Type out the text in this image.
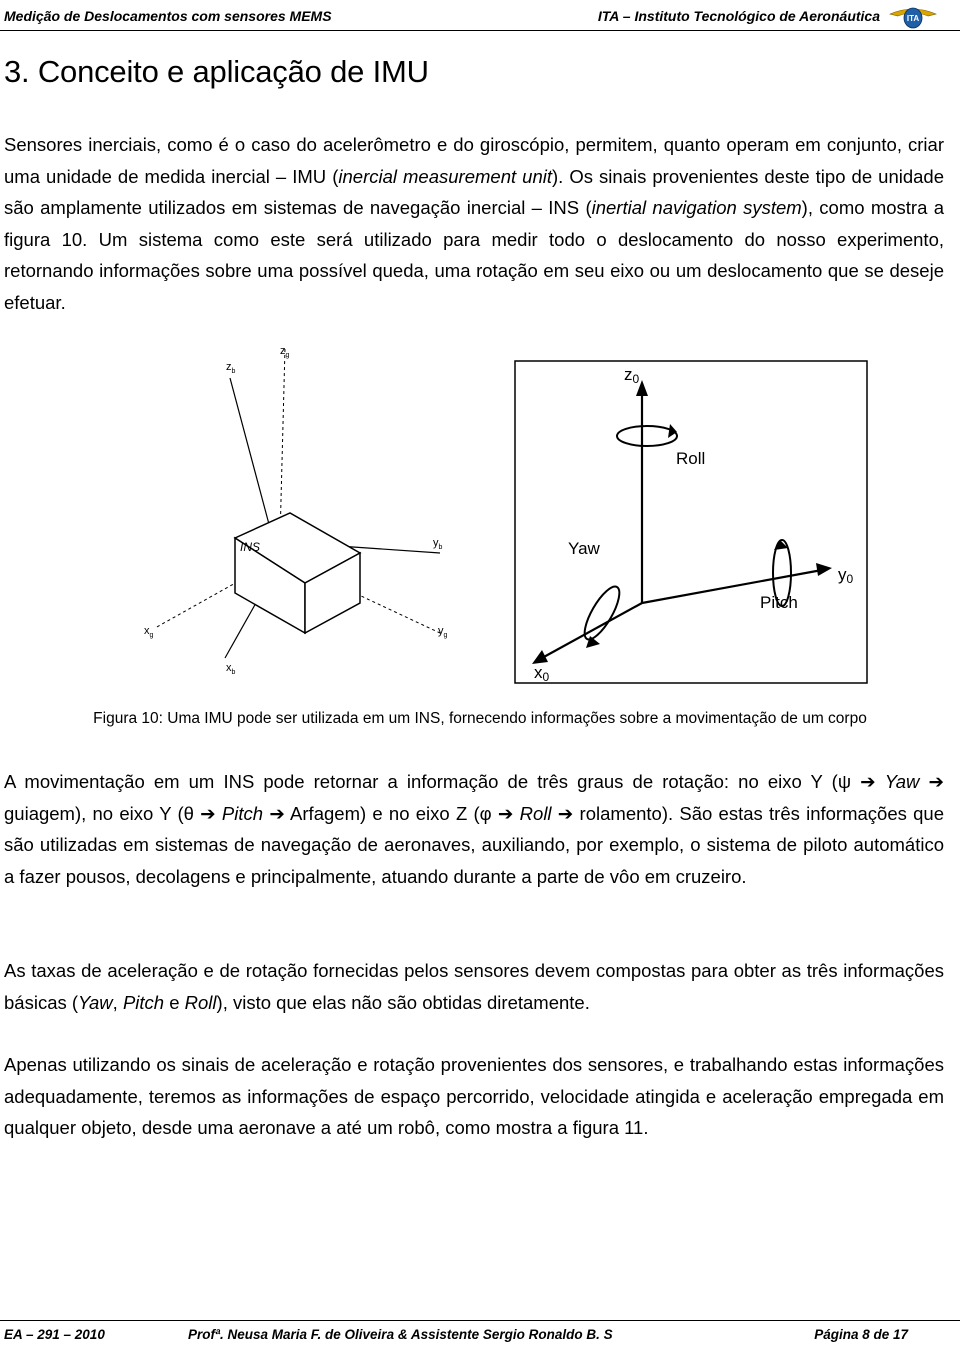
Medição de Deslocamentos com sensores MEMS	ITA – Instituto Tecnológico de Aeronáutica	ITA
3. Conceito e aplicação de IMU

Sensores inerciais, como é o caso do acelerômetro e do giroscópio, permitem, quanto operam em conjunto, criar uma unidade de medida inercial – IMU (inercial measurement unit). Os sinais provenientes deste tipo de unidade são amplamente utilizados em sistemas de navegação inercial – INS (inertial navigation system), como mostra a figura 10. Um sistema como este será utilizado para medir todo o deslocamento do nosso experimento, retornando informações sobre uma possível queda, uma rotação em seu eixo ou um deslocamento que se deseje efetuar.

$z_g$
$z_b$
INS	$y_b$
$y_g$
$x_g$
$x_b$
z0
Roll
Yaw
y0
Pitch
x0
Figura 10: Uma IMU pode ser utilizada em um INS, fornecendo informações sobre a movimentação de um corpo

A movimentação em um INS pode retornar a informação de três graus de rotação: no eixo Y (ψ ➔ Yaw ➔ guiagem), no eixo Y (θ ➔ Pitch ➔ Arfagem) e no eixo Z (φ ➔ Roll ➔ rolamento). São estas três informações que são utilizadas em sistemas de navegação de aeronaves, auxiliando, por exemplo, o sistema de piloto automático a fazer pousos, decolagens e principalmente, atuando durante a parte de vôo em cruzeiro.

As taxas de aceleração e de rotação fornecidas pelos sensores devem compostas para obter as três informações básicas (Yaw, Pitch e Roll), visto que elas não são obtidas diretamente.

Apenas utilizando os sinais de aceleração e rotação provenientes dos sensores, e trabalhando estas informações adequadamente, teremos as informações de espaço percorrido, velocidade atingida e aceleração empregada em qualquer objeto, desde uma aeronave a até um robô, como mostra a figura 11.

EA – 291 – 2010	Profª. Neusa Maria F. de Oliveira & Assistente Sergio Ronaldo B. S	Página 8 de 17
